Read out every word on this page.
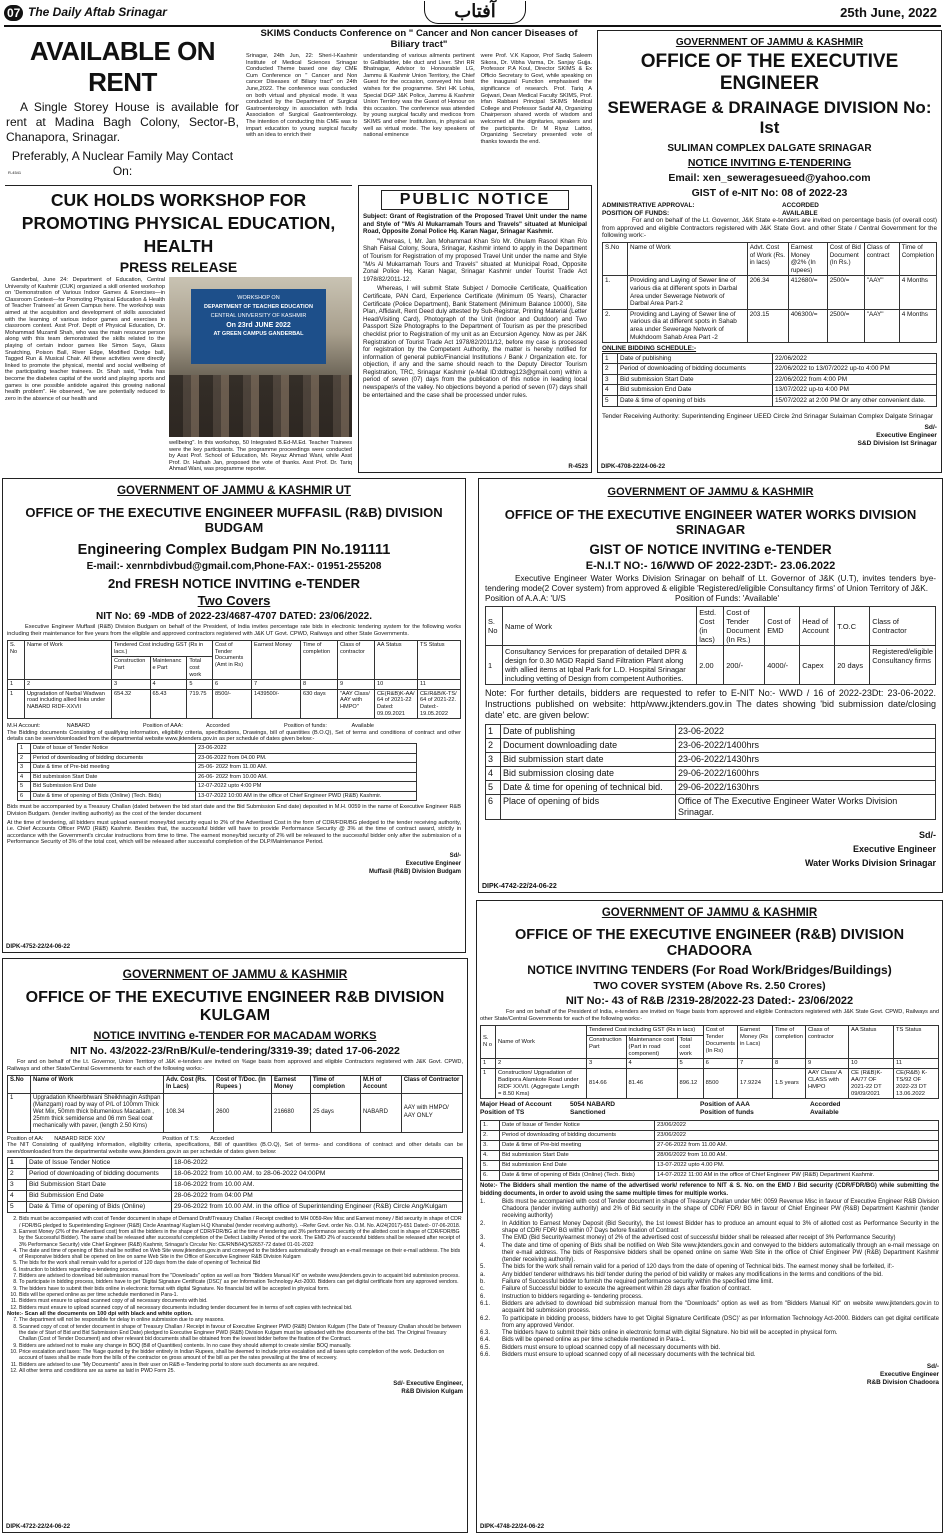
07 The Daily Aftab Srinagar	آفتاب	25th June, 2022
AVAILABLE ON RENT

A Single Storey House is available for rent at Madina Bagh Colony, Sector-B, Chanapora, Srinagar.

Preferably, A Nuclear Family May Contact On:

R-4541
SKIMS Conducts Conference on " Cancer and Non cancer Diseases of Biliary tract"

Srinagar, 24th Jun, 22: Sheri-I-Kashmir Institute of Medical Sciences Srinagar Conducted Theme based one day CME Cum Conference on " Cancer and Non cancer Diseases of Biliary tract" on 24th June,2022. The conference was conducted on both virtual and physical mode. It was conducted by the Department of Surgical Gastroenterology in association with India Association of Surgical Gastroenterology. The intention of conducting this CME was to impart education to young surgical faculty with an idea to enrich their

understanding of various ailments pertinent to Gallbladder, bile duct and Liver. Shri RR Bhatnagar, Advisor to Honourable LG, Jammu & Kashmir Union Territory, the Chief Guest for the occasion, conveyed his best wishes for the programme. Shri HK Lohia, Special DGP J&K Police, Jammu & Kashmir Union Territory was the Guest of Honour on this occasion. The conference was attended by young surgical faculty and medicos from SKIMS and other Institutions, in physical as well as virtual mode. The key speakers of national eminence

were Prof. V.K Kapoor, Prof Sadiq Saleem Sikora, Dr. Vibha Varma, Dr. Sanjay Gujja. Professor P.A Koul, Director SKIMS & Ex Officio Secretary to Govt, while speaking on the inaugural Function emphasised the significance of research. Prof. Tariq A Gojwari, Dean Medical Faculty SKIMS, Prof. Irfan Rabbani Principal SKIMS Medical College and Professor Sadaf Ali, Organizing Chairperson shared words of wisdom and welcomed all the dignitaries, speakers and the participants. Dr M Riyaz Lattoo, Organizing Secretary presented vote of thanks towards the end.

GOVERNMENT OF JAMMU & KASHMIR
OFFICE OF THE EXECUTIVE ENGINEER
SEWERAGE & DRAINAGE DIVISION No: Ist
SULIMAN COMPLEX DALGATE SRINAGAR
NOTICE INVITING E-TENDERING
Email: xen_seweragesueed@yahoo.com
GIST of e-NIT No: 08 of 2022-23
ADMINISTRATIVE APPROVAL:	ACCORDED
POSITION OF FUNDS:	AVAILABLE

For and on behalf of the Lt. Governor, J&K State e-tenders are invited on percentage basis (of overall cost) from approved and eligible Contractors registered with J&K State Govt. and other State / Central Government for the following work:-

S.No	Name of Work	Advt. Cost of Work (Rs. in lacs)	Earnest Money @2% (In rupees)	Cost of Bid Document (In Rs.)	Class of contract	Time of Completion
1.	Providing and Laying of Sewer line of various dia at different spots in Darbal Area under Sewerage Network of Darbal Area Part-2	206.34	412680/=	2500/=	"AAY"	4 Months
2.	Providing and Laying of Sewer line of various dia at different spots in Sahab area under Sewerage Network of Mukhdoom Sahab Area Part -2	203.15	406300/=	2500/=	"AAY"	4 Months
ONLINE BIDDING SCHEDULE:-
1	Date of publishing	22/06/2022
2	Period of downloading of bidding documents	22/06/2022 to 13/07/2022 up-to 4:00 PM
3	Bid submission Start Date	22/06/2022 from 4:00 PM
4	Bid submission End Date	13/07/2022 up-to 4:00 PM
5	Date & time of opening of bids	15/07/2022 at 2:00 PM Or any other convenient date.

Tender Receiving Authority: Superintending Engineer UEED Circle 2nd Srinagar Sulaiman Complex Dalgate Srinagar

Sd/-
Executive Engineer
S&D Division Ist Srinagar
DIPK-4708-22/24-06-22
CUK HOLDS WORKSHOP FOR PROMOTING PHYSICAL EDUCATION, HEALTH
PRESS RELEASE

Ganderbal, June 24: Department of Education, Central University of Kashmir (CUK) organized a skill oriented workshop on 'Demonstration of Various Indoor Games & Exercises—in Classroom Context—for Promoting Physical Education & Health of Teacher Trainees' at Green Campus here. The workshop was aimed at the acquisition and development of skills associated with the learning of various indoor games and exercises in classroom context. Asst Prof. Deptt of Physical Education, Dr. Mohammad Muzamil Shah, who was the main resource person along with this team demonstrated the skills related to the playing of certain indoor games like Simon Says, Glass Snatching, Poison Ball, River Edge, Modified Dodge ball, Tagged Run & Musical Chair. All these activities were directly linked to promote the physical, mental and social wellbeing of the participating teacher trainees. Dr. Shah said, "India has become the diabetes capital of the world and playing sports and games is one possible antidote against this growing national health problem". He observed, "we are potentially reduced to zero in the absence of our health and

WORKSHOP ON
DEPARTMENT OF TEACHER EDUCATION
CENTRAL UNIVERSITY OF KASHMIR
On 23rd JUNE 2022
AT GREEN CAMPUS GANDERBAL

wellbeing". In this workshop, 50 Integrated B.Ed-M.Ed. Teacher Trainees were the key participants. The programme proceedings were conducted by Asst Prof. School of Education, Mr. Reyaz Ahmad Wani, while Asst Prof. Dr. Hafsah Jan, proposed the vote of thanks. Asst Prof. Dr. Tariq Ahmad Wani, was programme reporter.

PUBLIC NOTICE

Subject: Grant of Registration of the Proposed Travel Unit under the name and Style of "M/s Al Mukarramah Tours and Travels" situated at Municipal Road, Opposite Zonal Police Hq. Karan Nagar, Srinagar Kashmir.

"Whereas, I, Mr. Jan Mohammad Khan S/o Mr. Ghulam Rasool Khan R/o Shah Faisal Colony, Soura, Srinagar, Kashmir intend to apply in the Department of Tourism for Registration of my proposed Travel Unit under the name and Style "M/s Al Mukarramah Tours and Travels" situated at Municipal Road, Opposite Zonal Police Hq. Karan Nagar, Srinagar Kashmir under Tourist Trade Act 1978/82/2011-12.

Whereas, I will submit State Subject / Domocile Certificate, Qualification Certificate, PAN Card, Experience Certificate (Minimum 05 Years), Character Certificate (Police Department), Bank Statement (Minimum Balance 10000), Site Plan, Affidavit, Rent Deed duly attested by Sub-Registrar, Printing Material (Letter Head/Visiting Card), Photograph of the Unit (Indoor and Outdoor) and Two Passport Size Photographs to the Department of Tourism as per the prescribed checklist prior to Registration of my unit as an Excursion Agency. Now as per J&K Registration of Tourist Trade Act 1978/82/2011/12, before my case is processed for registration by the Competent Authority, the matter is hereby notified for information of general public/Financial Institutions / Bank / Organization etc. for objection, if any and the same should reach to the Deputy Director Tourism Registration, TRC, Srinagar Kashmir (e-Mail ID:ddtreg123@gmail.com) within a period of seven (07) days from the publication of this notice in leading local newspaper/s of the valley. No objections beyond a period of seven (07) days shall be entertained and the case shall be processed under rules.

R-4523
GOVERNMENT OF JAMMU & KASHMIR UT
OFFICE OF THE EXECUTIVE ENGINEER MUFFASIL (R&B) DIVISION BUDGAM
Engineering Complex Budgam PIN No.191111
E-mail:- xenrnbdivbud@gmail.com,Phone-FAX:- 01951-255208
2nd FRESH NOTICE INVITING e-TENDER
Two Covers
NIT No: 69 -MDB of 2022-23/4687-4707 DATED: 23/06/2022.

Executive Engineer Muffasil (R&B) Division Budgam on behalf of the President, of India invites percentage rate bids in electronic tendering system for the following works including their maintenance for five years from the eligible and approved contractors registered with J&K UT Govt. CPWD, Railways and other State Governments.

S. No	Name of Work	Tendered Cost including GST (Rs in lacs.)			Cost of Tender Documents (Amt in Rs)	Earnest Money	Time of completion	Class of contractor	AA Status	TS Status
		Construction Part	Maintenanc e Part	Total cost work						
1	2	3	4	5	6	7	8	9	10	11
1	Upgradation of Narbal Wadwan road including allied links under NABARD RIDF-XXVII	654.32	65.43	719.75	8500/-	1439500/-	630 days	"AAY Class/ AAY with HMPO"	CE(R&B)K-AA/ 64 of 2021-22 Dated: 09.09.2021	CE/R&B/K-TS/ 64 of 2021-22. Dated:- 19.05.2022

M.H Account:                 NABARD                                  Position of AAA:               Accorded                                   Position of funds:                Available

The Bidding documents Consisting of qualifying information, eligibility criteria, specifications, Drawings, bill of quantities (B.O.Q), Set of terms and conditions of contract and other details can be seen/downloaded from the departmental website www.jktenders.gov.in as per schedule of dates given below:-

1	Date of Issue of Tender Notice	23-06-2022
2	Period of downloading of bidding documents	23-06-2022 from 04.00 PM.
3	Date & time of Pre-bid meeting	25-06- 2022 from 11.00 AM.
4	Bid submission Start Date	26-06- 2022 from 10.00 AM.
5	Bid Submission End Date	12-07-2022 upto 4:00 PM
6	Date & time of opening of Bids (Online) (Tech. Bids)	13-07-2022 10:00 AM in the office of Chief Engineer PWD (R&B) Kashmir.

Bids must be accompanied by a Treasury Challan (dated between the bid start date and the Bid Submission End date) deposited in M.H. 0059 in the name of Executive Engineer R&B Division Budgam. (tender inviting authority) as the cost of the tender document

At the time of tendering, all bidders must upload earnest money/bid security equal to 2% of the Advertised Cost in the form of CDR/FDR/BG pledged to the tender receiving authority, i.e. Chief Accounts Officer PWD (R&B) Kashmir. Besides that, the successful bidder will have to provide Performance Security @ 3% at the time of contract award, strictly in accordance with the Government's circular instructions from time to time. The earnest money/bid security of 2% will be released to the successful bidder only after the submission of a Performance Security of 3% of the total cost, which will be released after successful completion of the DLP/Maintenance Period.

Sd/-
Executive Engineer
Muffasil (R&B) Division Budgam
DIPK-4752-22/24-06-22
GOVERNMENT OF JAMMU & KASHMIR
OFFICE OF THE EXECUTIVE ENGINEER WATER WORKS DIVISION SRINAGAR
GIST OF NOTICE INVITING e-TENDER
E-N.I.T NO:- 16/WWD OF 2022-23DT:- 23.06.2022

Executive Engineer Water Works Division Srinagar on behalf of Lt. Governor of J&K (U.T), invites tenders bye-tendering mode(2 Cover system) from approved & eligible 'Registered/eligible Consultancy firms' of Union Territory of J&K.

Position of A.A.A: 'U/S	Position of Funds: 'Available'
S. No	Name of Work	Estd. Cost (in lacs)	Cost of Tender Document (In Rs.)	Cost of EMD	Head of Account	T.O.C	Class of Contractor
1	Consultancy Services for preparation of detailed DPR & design for 0.30 MGD Rapid Sand Filtration Plant along with allied items at Iqbal Park for L.D. Hospital Srinagar including vetting of Design from competent Authorities.	2.00	200/-	4000/-	Capex	20 days	Registered/eligible Consultancy firms

Note: For further details, bidders are requested to refer to E-NIT No:- WWD / 16 of 2022-23Dt: 23-06-2022. Instructions published on website: http/www.jktenders.gov.in The dates showing 'bid submission date/closing date' etc. are given below:

1	Date of publishing	23-06-2022
2	Document downloading date	23-06-2022/1400hrs
3	Bid submission start date	23-06-2022/1430hrs
4	Bid submission closing date	29-06-2022/1600hrs
5	Date & time for opening of technical bid.	29-06-2022/1630hrs
6	Place of opening of bids	Office of The Executive Engineer Water Works Division Srinagar.
Sd/-
Executive Engineer
Water Works Division Srinagar
DIPK-4742-22/24-06-22
GOVERNMENT OF JAMMU & KASHMIR
OFFICE OF THE EXECUTIVE ENGINEER R&B DIVISION KULGAM
NOTICE INVITING e-TENDER FOR MACADAM WORKS
NIT No. 43/2022-23/RnB/Kul/e-tendering/3319-39; dated 17-06-2022

For and on behalf of the Lt. Governor, Union Territory of J&K e-tenders are invited on %age basis from approved and eligible Contractors registered with J&K Govt. CPWD, Railways and other State/Central Governments for each of the following works:-

S.No	Name of Work	Adv. Cost (Rs. In Lacs)	Cost of T/Doc. (In Rupees )	Earnest Money	Time of completion	M.H of Account	Class of Contractor
1	Upgradation Kheerbhwani Sheikhnagin Asthpan (Manzgam) road by way of P/L of 100mm Thick Wet Mix, 50mm thick bitumenious Macadam , 25mm thick semidense and 06 mm Seal coat mechanically with paver, (length 2.50 Kms)	108.34	2600	216680	25 days	NABARD	AAY with HMPO/ AAY ONLY

Position of AA:       NABARD RIDF XXV                                     Position of T.S:       Accorded

The NIT Consisting of qualifying information, eligibility criteria, specifications, Bill of quantities (B.O.Q), Set of terms- and conditions of contract and other details can be seen/downloaded from the departmental website www.jktenders.gov.in as per schedule of dates given below:

1	Date of Issue Tender Notice	18-06-2022
2	Period of downloading of bidding documents	18-06-2022 from 10.00 AM. to 28-06-2022 04:00PM
3	Bid Submission Start Date	18-06-2022 from 10.00 AM.
4	Bid Submission End Date	28-06-2022 from 04:00 PM
5	Date & Time of opening of Bids (Online)	29-06-2022 from 10.00 AM. in the office of Superintending Engineer (R&B) Circle Ang/Kulgam
2. Bids must be accompanied with cost of Tender document in shape of Demand Draft/Treasury Challan / Receipt credited to MH 0059-Rev Misc and Earnest money / Bid security in shape of CDR / FDR/BG pledged to Superintending Engineer (R&B) Circle Anantnag/ Kuglam H.Q Khanabal (tender receiving authority). --Refer Govt. order No. O.M. No. A/24(2017)-651 Dated:- 07-06-2018.
3. Earnest Money (2% of the Advertised cost) from all the bidders in the shape of CDR/FDR/BG at the time of tendering and 3% performance security of the allotted cost in shape of CDR/FDR/BG by the Successful Bidder). The same shall be released after successful completion of the Defect Liability Period of the work. The EMD 2% of successful bidders shall be released after receipt of 3% Performance Security) vide Chief Engineer (R&B) Kashmir, Srinagar's Circular No: CE/RNB/HQ/S2657-72 dated 01-01-2022
4. The date and time of opening of Bids shall be notified on Web Site www.jktenders.gov.in and conveyed to the bidders automatically through an e-mail message on their e-mail address. The bids of Responsive bidders shall be opened on line on same Web Site in the Office of Executive Engineer R&B Division Kulgam
5. The bids for the work shall remain valid for a period of 120 days from the date of opening of Technical Bid
6. Instruction to bidders regarding e-tendering process.
7. Bidders are advised to download bid submission manual from the "Downloads" option as well as from "Bidders Manual Kit" on website www.jktenders.gov.in to acquaint bid submission process.
8. To participate in bidding process, bidders have to get 'Digital Signature Certificate (DSC)' as per Information Technology Act-2000. Bidders can get digital certificate from any approved vendors.
9. The bidders have to submit their bids online in electronic format with digital Signature. No financial bid will be accepted in physical form.
10. Bids will be opened online as per time schedule mentioned in Para-1.
11. Bidders must ensure to upload scanned copy of all necessary documents with bid.
12. Bidders must ensure to upload scanned copy of all necessary documents including tender document fee in terms of soft copies with technical bid.

Note:- Scan all the documents on 100 dpi with black and white option.

7. The department will not be responsible for delay in online submission due to any reasons.
8. Scanned copy of cost of tender document in shape of Treasury Challan / Receipt in favour of Executive Engineer PWD (R&B) Division Kulgam (The Date of Treasury Challan should be between the date of Start of Bid and Bid Submission End Date) pledged to Executive Engineer PWD (R&B) Division Kulgam must be uploaded with the documents of the bid. The Original Treasury Challan (Cost of Tender Document) and other relevant bid documents shall be obtained from the lowest bidder before the fixation of the Contract.
9. Bidders are advised not to make any change in BOQ (Bill of Quantities) contents. In no case they should attempt to create similar BOQ manually.
10. Price escalation and taxes: The %age quoted by the bidder entirely in Indian Rupees, shall be deemed to include price escalation and all taxes upto completion of the work. Deduction on account of taxes shall be made from the bills of the contractor on gross amount of the bill as per the rates prevailing at the time of recovery.
11. Bidders are advised to use "My Documents" area in their user on R&B e-Tendering portal to store such documents as are required.
12. All other terms and conditions are as same as laid in PWD Form 25.
Sd/- Executive Engineer,
R&B Division Kulgam
DIPK-4722-22/24-06-22
GOVERNMENT OF JAMMU & KASHMIR
OFFICE OF THE EXECUTIVE ENGINEER (R&B) DIVISION CHADOORA
NOTICE INVITING TENDERS (For Road Work/Bridges/Buildings)
TWO COVER SYSTEM (Above Rs. 2.50 Crores)
NIT No:- 43 of R&B /2319-28/2022-23 Dated:- 23/06/2022

For and on behalf of the President of India, e-tenders are invited on %age basis from approved and eligible Contractors registered with J&K State Govt. CPWD, Railways and other State/Central Governments for each of the following works:-

S. N o	Name of Work	Tendered Cost including GST (Rs in lacs)			Cost of Tender Documents (In Rs)	Earnest Money (Rs in Lacs)	Time of completion	Class of contractor	AA Status	TS Status
		Construction Part	Maintenance cost (Part in road component)	Total cost work						
1	2	3	4	5	6	7	8	9	10	11
1	Construction/ Upgradation of Badipora Alamkote Road under RIDF XXVII. (Aggregate Length = 8.50 Kms)	814.66	81.46	896.12	8500	17.9224	1.5 years	AAY Class/ A CLASS with HMPO	CE (R&B)K-AA/77 OF 2021-22 DT 09/09/2021	CE(R&B) K-TS/92 OF 2022-23 DT 13.06.2022
Major Head of Account	5054 NABARD	Position of AAA	Accorded
Position of TS	Sanctioned	Position of funds	Available
1.	Date of Issue of Tender Notice	23/06/2022
2.	Period of downloading of bidding documents	23/06/2022
3.	Date & time of Pre-bid meeting	27-06-2022 from 11.00 AM.
4.	Bid submission Start Date	28/06/2022 from 10.00 AM.
5.	Bid submission End Date	13-07-2022 upto 4.00 PM.
6.	Date & time of opening of Bids (Online) (Tech. Bids)	14-07-2022 11:00 AM in the office of Chief Engineer PW (R&B) Department Kashmir.

Note:- The Bidders shall mention the name of the advertised work/ reference to NIT & S. No. on the EMD / Bid security (CDR/FDR/BG) while submitting the bidding documents, in order to avoid using the same multiple times for multiple works.

1.	Bids must be accompanied with cost of Tender document in shape of Treasury Challan under MH: 0059 Revenue Misc in favour of Executive Engineer R&B Division Chadoora (tender inviting authority) and 2% of Bid security in the shape of CDR/ FDR/ BG in favour of Chief Engineer PW (R&B) Department Kashmir (tender receiving authority)
2.	In Addition to Earnest Money Deposit (Bid Security), the 1st lowest Bidder has to produce an amount equal to 3% of allotted cost as Performance Security in the shape of CDR/ FDR/ BG within 07 Days before fixation of Contract
3.	The EMD (Bid Security/earnest money) of 2% of the advertised cost of successful bidder shall be released after receipt of 3% Performance Security)
4.	The date and time of opening of Bids shall be notified on Web Site www.jktenders.gov.in and conveyed to the bidders automatically through an e-mail message on their e-mail address. The bids of Responsive bidders shall be opened online on same Web Site in the office of Chief Engineer PW (R&B) Department Kashmir (tender receiving authority).
5.	The bids for the work shall remain valid for a period of 120 days from the date of opening of Technical bids. The earnest money shall be forfeited, if:-
a.	Any bidder/ tenderer withdraws his bid/ tender during the period of bid validity or makes any modifications in the terms and conditions of the bid.
b.	Failure of Successful bidder to furnish the required performance security within the specified time limit.
c.	Failure of Successful bidder to execute the agreement within 28 days after fixation of contract.
6.	Instruction to bidders regarding e- tendering process.
6.1.	Bidders are advised to download bid submission manual from the "Downloads" option as well as from "Bidders Manual Kit" on website www.jktenders.gov.in to acquaint bid submission process.
6.2.	To participate in bidding process, bidders have to get 'Digital Signature Certificate (DSC)' as per Information Technology Act-2000. Bidders can get digital certificate from any approved Vendor.
6.3.	The bidders have to submit their bids online in electronic format with digital Signature. No bid will be accepted in physical form.
6.4.	Bids will be opened online as per time schedule mentioned in Para-1.
6.5.	Bidders must ensure to upload scanned copy of all necessary documents with bid.
6.6.	Bidders must ensure to upload scanned copy of all necessary documents with the technical bid.
Sd/-
Executive Engineer
R&B Division Chadoora
DIPK-4748-22/24-06-22
